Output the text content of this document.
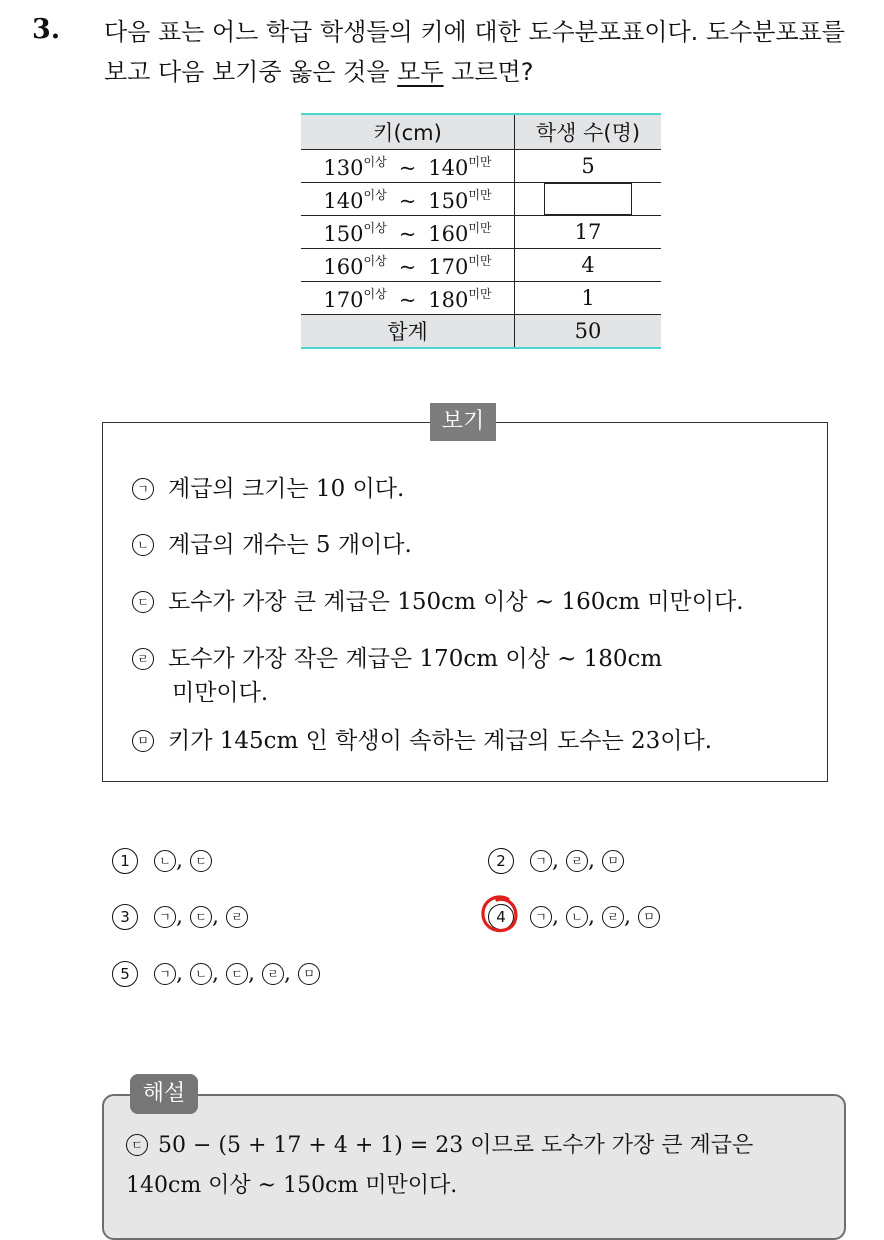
3. 다음 표는 어느 학급 학생들의 키에 대한 도수분포표이다. 도수분포표를 보고 다음 보기중 옳은 것을 모두 고르면?
키(cm)	학생 수(명)
$130^{이상}$ ~ $140^{미만}$	5
$140^{이상}$ ~ $150^{미만}$	
$150^{이상}$ ~ $160^{미만}$	17
$160^{이상}$ ~ $170^{미만}$	4
$170^{이상}$ ~ $180^{미만}$	1
합계	50
보기
ㄱ 계급의 크기는 10 이다.
ㄴ 계급의 개수는 5 개이다.
ㄷ 도수가 가장 큰 계급은 150cm 이상 ~ 160cm 미만이다.
ㄹ 도수가 가장 작은 계급은 170cm 이상 ~ 180cm
미만이다.
ㅁ 키가 145cm 인 학생이 속하는 계급의 도수는 23이다.
1 ㄴ , ㄷ	2 ㄱ , ㄹ , ㅁ
3 ㄱ , ㄷ , ㄹ	4 ㄱ , ㄴ , ㄹ , ㅁ
5 ㄱ , ㄴ , ㄷ , ㄹ , ㅁ
해설
ㄷ 50 − (5 + 17 + 4 + 1) = 23 이므로 도수가 가장 큰 계급은
140cm 이상 ~ 150cm 미만이다.
